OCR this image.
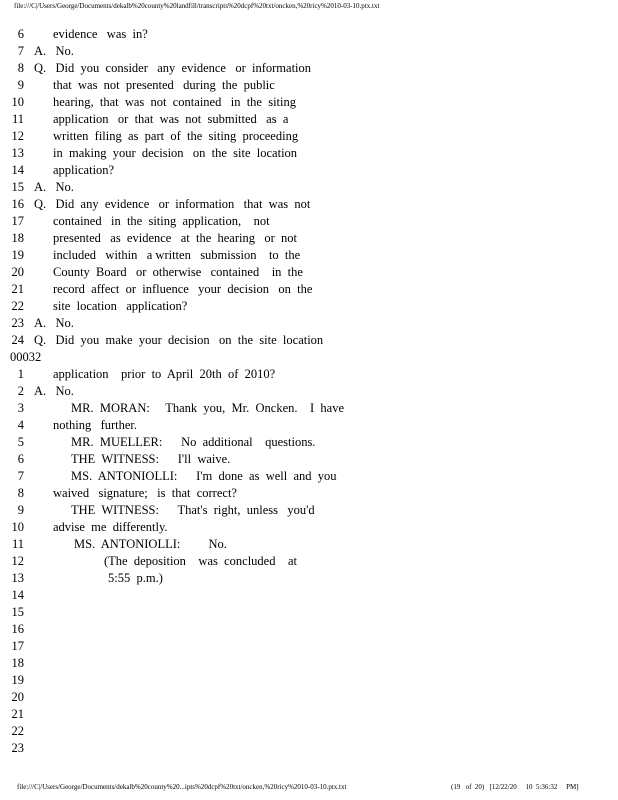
file:///C|/Users/George/Documents/dekalb%20county%20landfill/transcripts%20dcpf%20txt/oncken,%20ricy%2010-03-10.ptx.txt
6 evidence   was  in?
7 A.   No.
8 Q.   Did  you  consider   any  evidence   or  information
9 that  was  not  presented   during  the  public
10 hearing,  that  was  not  contained   in  the  siting
11 application   or  that  was  not  submitted   as  a
12 written  filing  as  part  of  the  siting  proceeding
13 in  making  your  decision   on  the  site  location
14 application?
15 A.   No.
16 Q.   Did  any  evidence   or  information   that  was  not
17 contained   in  the  siting  application,    not
18 presented   as  evidence   at  the  hearing   or  not
19 included   within   a written   submission    to  the
20 County  Board   or  otherwise   contained    in  the
21 record  affect  or  influence   your  decision   on  the
22 site  location   application?
23 A.   No.
24 Q.   Did  you  make  your  decision   on  the  site  location
00032
1 application    prior  to  April  20th  of  2010?
2 A.   No.
3	MR.  MORAN:     Thank  you,  Mr.  Oncken.    I  have
4 nothing   further.
5	MR.  MUELLER:      No  additional    questions.
6	THE  WITNESS:      I'll  waive.
7	MS.  ANTONIOLLI:      I'm  done  as  well  and  you
8 waived   signature;   is  that  correct?
9	THE  WITNESS:      That's  right,  unless   you'd
10 advise  me  differently.
11	MS.  ANTONIOLLI:         No.
12	(The  deposition    was  concluded    at
13	5:55  p.m.)
14
15
16
17
18
19
20
21
22
23
file:///C|/Users/George/Documents/dekalb%20county%20...ipts%20dcpf%20txt/oncken,%20ricy%2010-03-10.ptx.txt	(19   of  20)   [12/22/20     10  5:36:32     PM]
